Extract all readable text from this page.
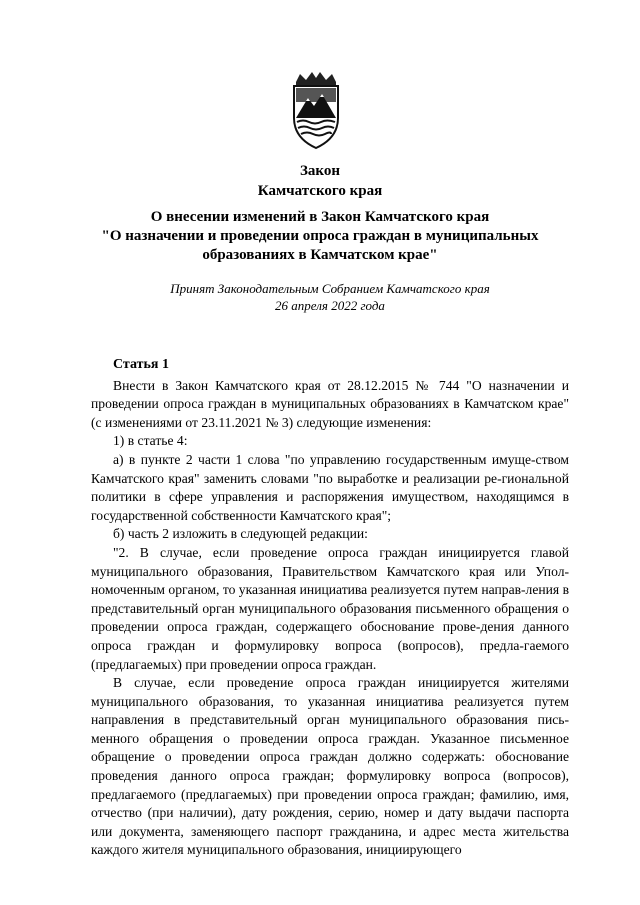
Закон
Камчатского края
О внесении изменений в Закон Камчатского края
"О назначении и проведении опроса граждан в муниципальных
образованиях в Камчатском крае"
Принят Законодательным Собранием Камчатского края
26 апреля 2022 года
Статья 1

Внести в Закон Камчатского края от 28.12.2015 № 744 "О назначении и проведении опроса граждан в муниципальных образованиях в Камчатском крае" (с изменениями от 23.11.2021 № 3) следующие изменения:

1) в статье 4:

а) в пункте 2 части 1 слова "по управлению государственным имуще-ством Камчатского края" заменить словами "по выработке и реализации ре-гиональной политики в сфере управления и распоряжения имуществом, находящимся в государственной собственности Камчатского края";

б) часть 2 изложить в следующей редакции:

"2. В случае, если проведение опроса граждан инициируется главой муниципального образования, Правительством Камчатского края или Упол-номоченным органом, то указанная инициатива реализуется путем направ-ления в представительный орган муниципального образования письменного обращения о проведении опроса граждан, содержащего обоснование прове-дения данного опроса граждан и формулировку вопроса (вопросов), предла-гаемого (предлагаемых) при проведении опроса граждан.

В случае, если проведение опроса граждан инициируется жителями муниципального образования, то указанная инициатива реализуется путем направления в представительный орган муниципального образования пись-менного обращения о проведении опроса граждан. Указанное письменное обращение о проведении опроса граждан должно содержать: обоснование проведения данного опроса граждан; формулировку вопроса (вопросов), предлагаемого (предлагаемых) при проведении опроса граждан; фамилию, имя, отчество (при наличии), дату рождения, серию, номер и дату выдачи паспорта или документа, заменяющего паспорт гражданина, и адрес места жительства каждого жителя муниципального образования, инициирующего
